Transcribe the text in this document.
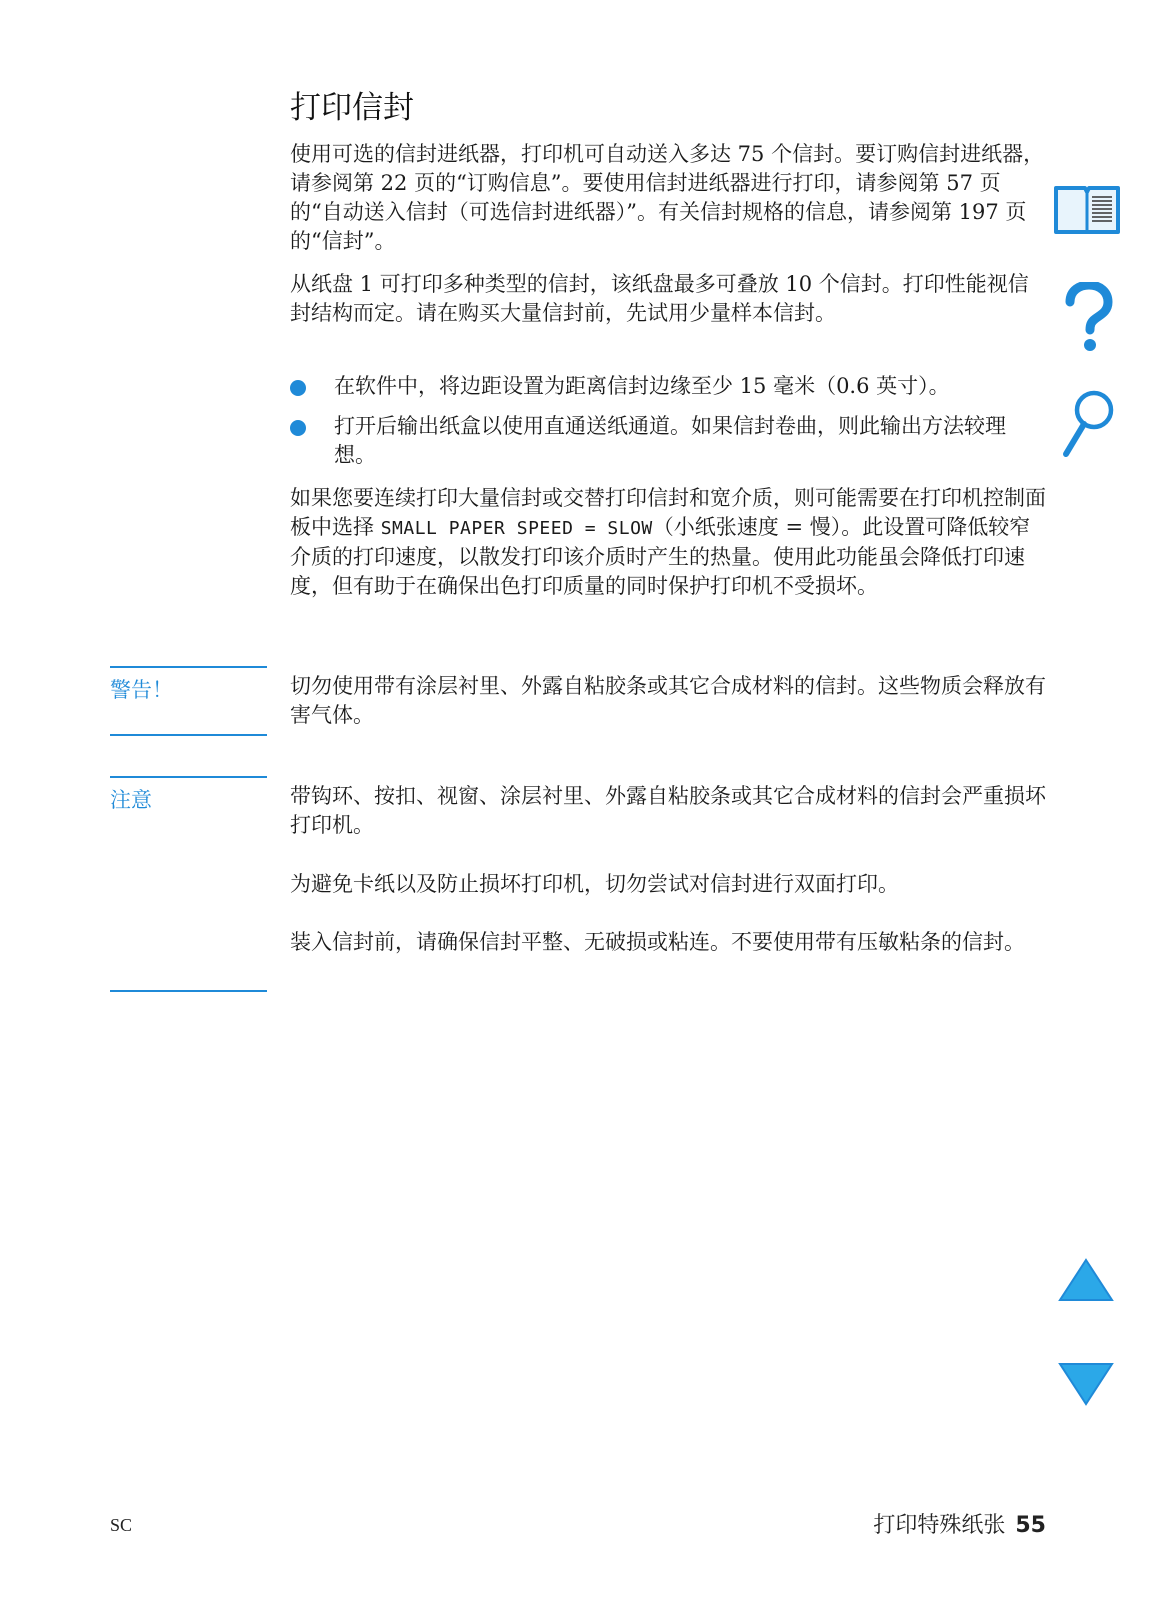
打印信封

使用可选的信封进纸器，打印机可自动送入多达 75 个信封。要订购信封进纸器，请参阅第 22 页的“订购信息”。要使用信封进纸器进行打印，请参阅第 57 页的“自动送入信封（可选信封进纸器）”。有关信封规格的信息，请参阅第 197 页的“信封”。

从纸盘 1 可打印多种类型的信封，该纸盘最多可叠放 10 个信封。打印性能视信封结构而定。请在购买大量信封前，先试用少量样本信封。

在软件中，将边距设置为距离信封边缘至少 15 毫米（0.6 英寸）。

打开后输出纸盒以使用直通送纸通道。如果信封卷曲，则此输出方法较理想。

如果您要连续打印大量信封或交替打印信封和宽介质，则可能需要在打印机控制面板中选择 SMALL PAPER SPEED = SLOW（小纸张速度 = 慢）。此设置可降低较窄介质的打印速度，以散发打印该介质时产生的热量。使用此功能虽会降低打印速度，但有助于在确保出色打印质量的同时保护打印机不受损坏。

警告！	切勿使用带有涂层衬里、外露自粘胶条或其它合成材料的信封。这些物质会释放有害气体。

注意	带钩环、按扣、视窗、涂层衬里、外露自粘胶条或其它合成材料的信封会严重损坏打印机。

为避免卡纸以及防止损坏打印机，切勿尝试对信封进行双面打印。

装入信封前，请确保信封平整、无破损或粘连。不要使用带有压敏粘条的信封。

SC	打印特殊纸张 55
